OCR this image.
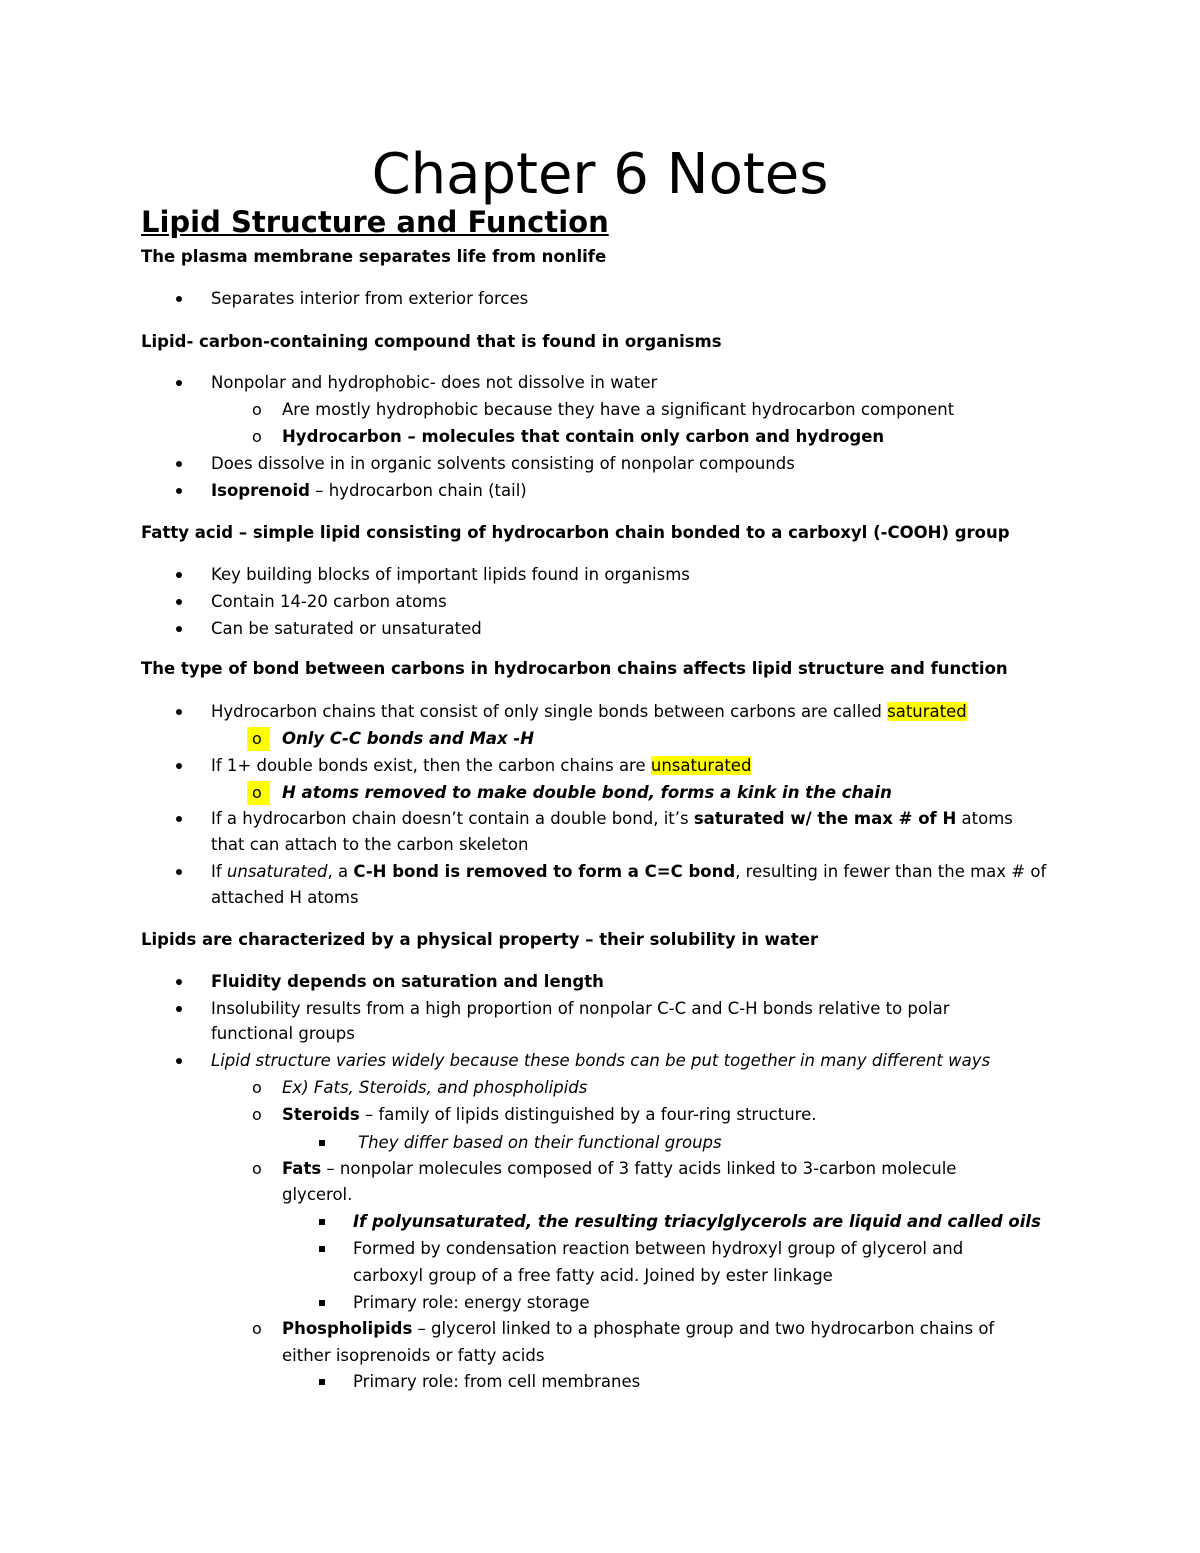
Chapter 6 Notes
Lipid Structure and Function
The plasma membrane separates life from nonlife
Separates interior from exterior forces
Lipid- carbon-containing compound that is found in organisms
Nonpolar and hydrophobic- does not dissolve in water
o Are mostly hydrophobic because they have a significant hydrocarbon component
o Hydrocarbon – molecules that contain only carbon and hydrogen
Does dissolve in in organic solvents consisting of nonpolar compounds
Isoprenoid – hydrocarbon chain (tail)
Fatty acid – simple lipid consisting of hydrocarbon chain bonded to a carboxyl (-COOH) group
Key building blocks of important lipids found in organisms
Contain 14-20 carbon atoms
Can be saturated or unsaturated
The type of bond between carbons in hydrocarbon chains affects lipid structure and function
Hydrocarbon chains that consist of only single bonds between carbons are called saturated
o	Only C-C bonds and Max -H
If 1+ double bonds exist, then the carbon chains are unsaturated
o	H atoms removed to make double bond, forms a kink in the chain
If a hydrocarbon chain doesn’t contain a double bond, it’s saturated w/ the max # of H atoms
that can attach to the carbon skeleton
If unsaturated, a C-H bond is removed to form a C=C bond, resulting in fewer than the max # of
attached H atoms
Lipids are characterized by a physical property – their solubility in water
Fluidity depends on saturation and length
Insolubility results from a high proportion of nonpolar C-C and C-H bonds relative to polar
functional groups
Lipid structure varies widely because these bonds can be put together in many different ways
o Ex) Fats, Steroids, and phospholipids
o Steroids – family of lipids distinguished by a four-ring structure.
They differ based on their functional groups
o Fats – nonpolar molecules composed of 3 fatty acids linked to 3-carbon molecule
glycerol.
If polyunsaturated, the resulting triacylglycerols are liquid and called oils
Formed by condensation reaction between hydroxyl group of glycerol and
carboxyl group of a free fatty acid. Joined by ester linkage
Primary role: energy storage
o Phospholipids – glycerol linked to a phosphate group and two hydrocarbon chains of
either isoprenoids or fatty acids
Primary role: from cell membranes
